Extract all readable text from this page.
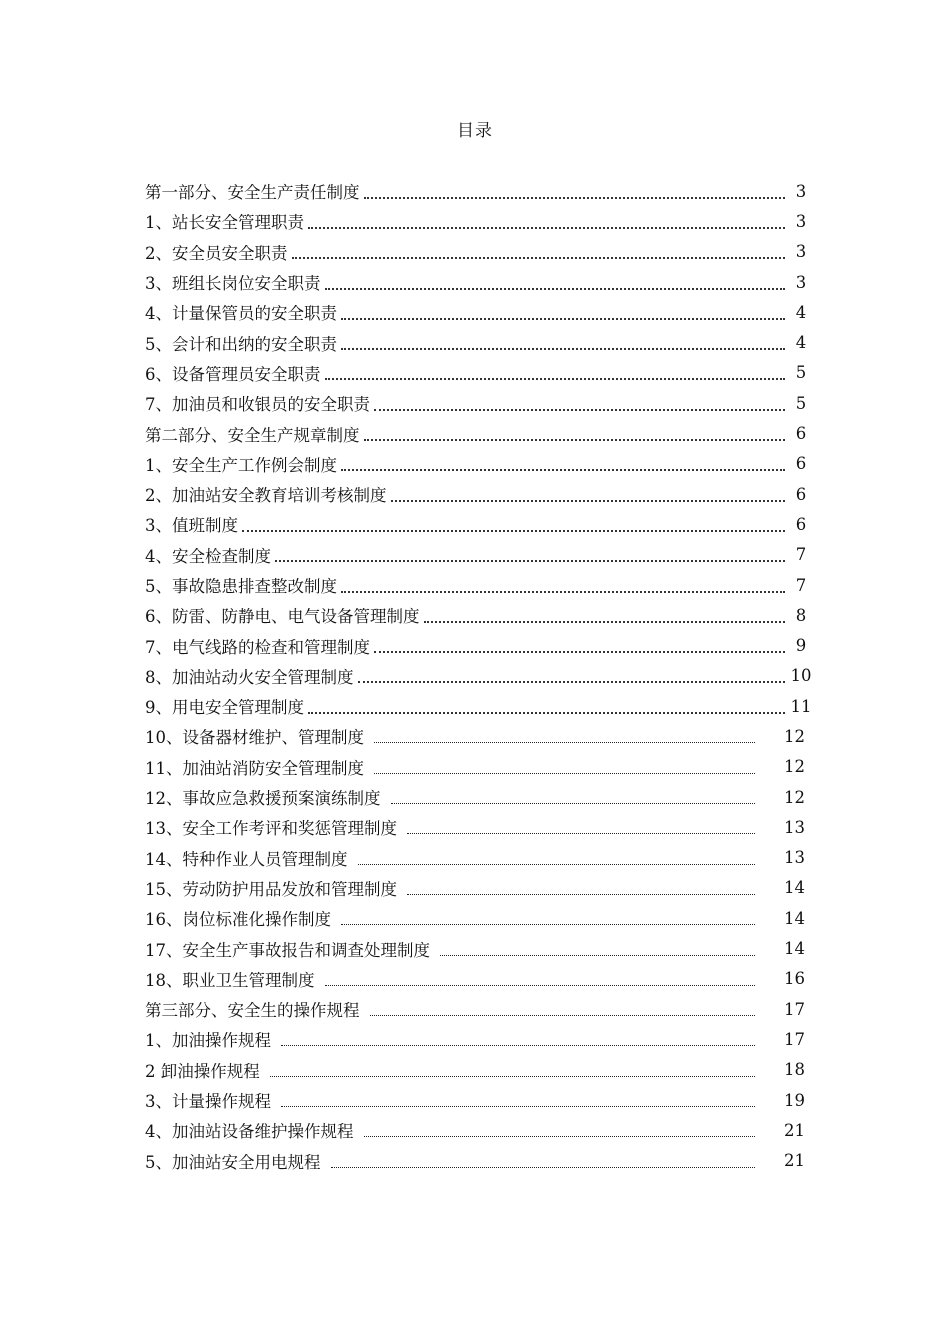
目录
第一部分、安全生产责任制度	3
1、站长安全管理职责	3
2、安全员安全职责	3
3、班组长岗位安全职责	3
4、计量保管员的安全职责	4
5、会计和出纳的安全职责	4
6、设备管理员安全职责	5
7、加油员和收银员的安全职责	5
第二部分、安全生产规章制度	6
1、安全生产工作例会制度	6
2、加油站安全教育培训考核制度	6
3、值班制度	6
4、安全检查制度	7
5、事故隐患排查整改制度	7
6、防雷、防静电、电气设备管理制度	8
7、电气线路的检查和管理制度	9
8、加油站动火安全管理制度	10
9、用电安全管理制度	11
10、设备器材维护、管理制度	12
11、加油站消防安全管理制度	12
12、事故应急救援预案演练制度	12
13、安全工作考评和奖惩管理制度	13
14、特种作业人员管理制度	13
15、劳动防护用品发放和管理制度	14
16、岗位标准化操作制度	14
17、安全生产事故报告和调查处理制度	14
18、职业卫生管理制度	16
第三部分、安全生的操作规程	17
1、加油操作规程	17
2 卸油操作规程	18
3、计量操作规程	19
4、加油站设备维护操作规程	21
5、加油站安全用电规程	21
